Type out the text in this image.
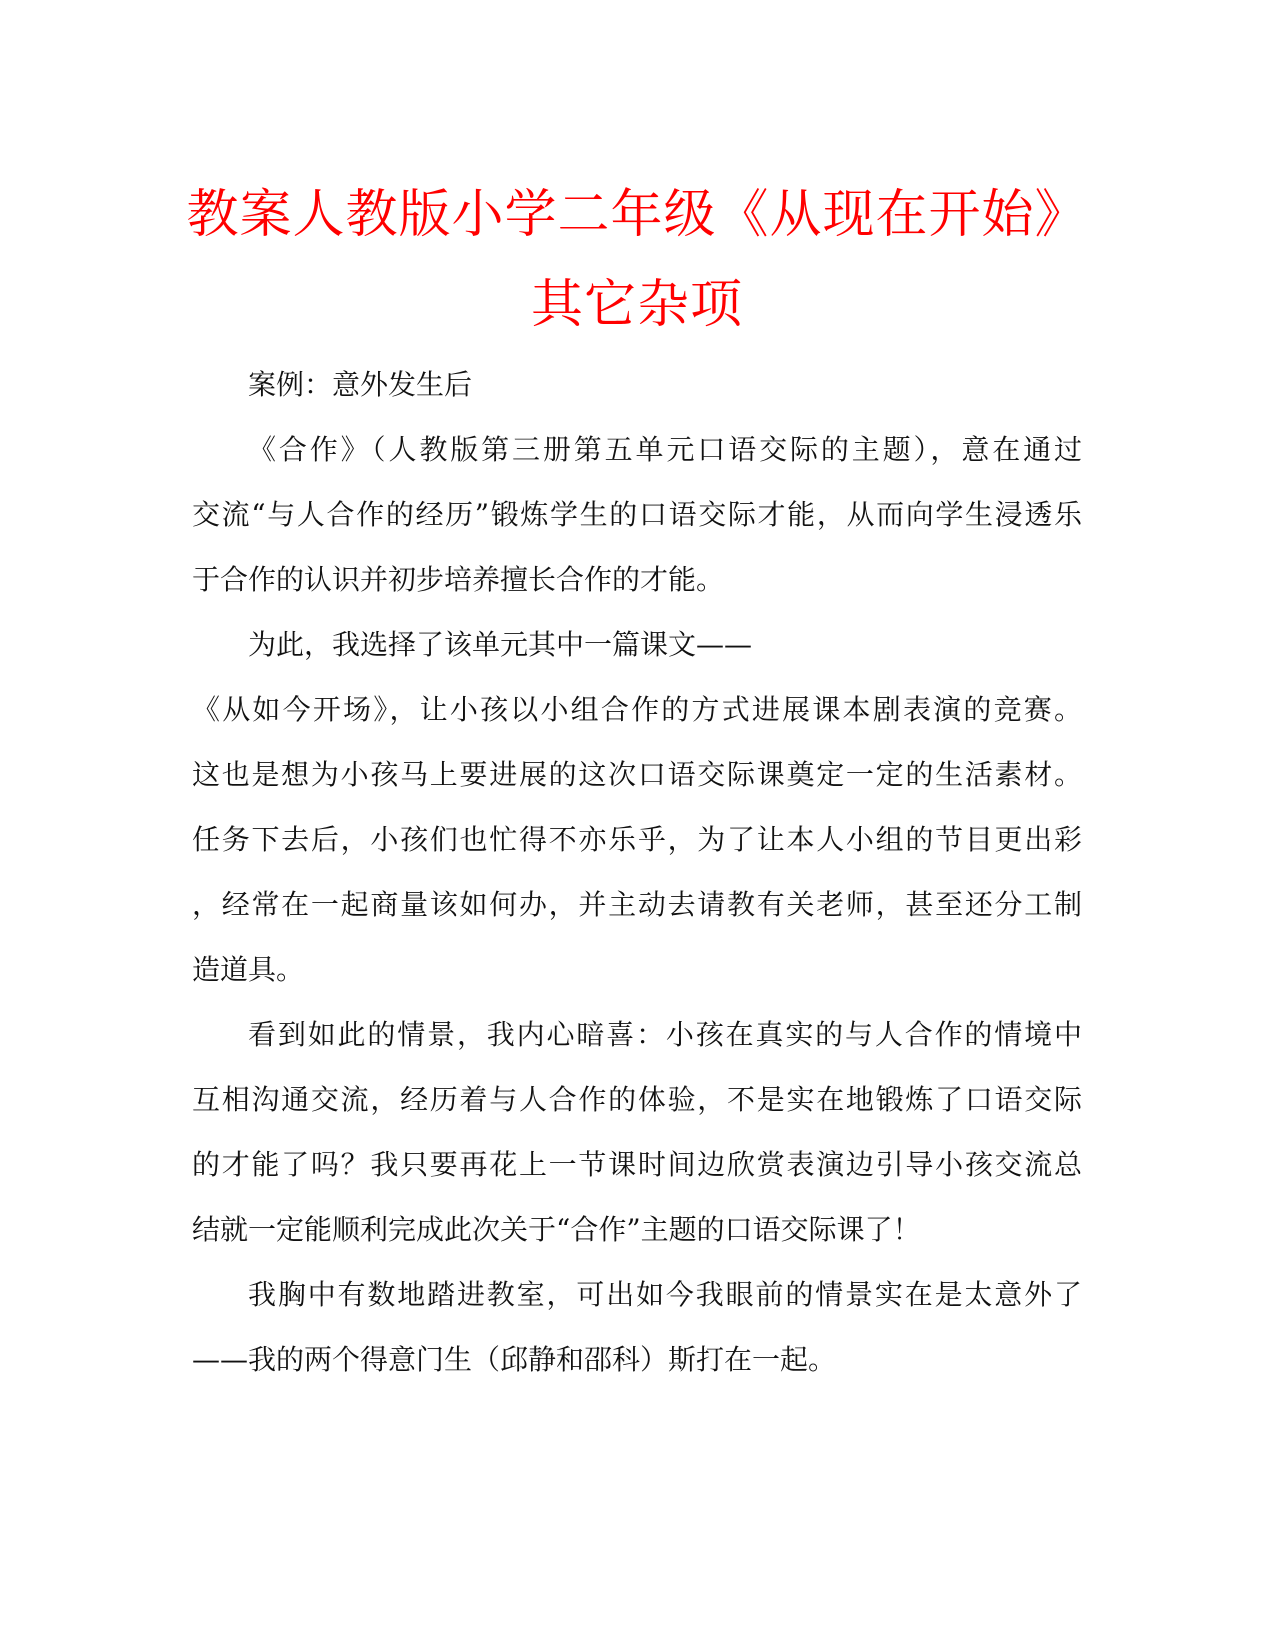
教案人教版小学二年级《从现在开始》其它杂项
案例：意外发生后
《合作》（人教版第三册第五单元口语交际的主题），意在通过
交流“与人合作的经历”锻炼学生的口语交际才能，从而向学生浸透乐
于合作的认识并初步培养擅长合作的才能。
为此，我选择了该单元其中一篇课文——
《从如今开场》，让小孩以小组合作的方式进展课本剧表演的竞赛。
这也是想为小孩马上要进展的这次口语交际课奠定一定的生活素材。
任务下去后，小孩们也忙得不亦乐乎，为了让本人小组的节目更出彩
，经常在一起商量该如何办，并主动去请教有关老师，甚至还分工制
造道具。
看到如此的情景，我内心暗喜：小孩在真实的与人合作的情境中
互相沟通交流，经历着与人合作的体验，不是实在地锻炼了口语交际
的才能了吗？我只要再花上一节课时间边欣赏表演边引导小孩交流总
结就一定能顺利完成此次关于“合作”主题的口语交际课了！
我胸中有数地踏进教室，可出如今我眼前的情景实在是太意外了
——我的两个得意门生（邱静和邵科）斯打在一起。
